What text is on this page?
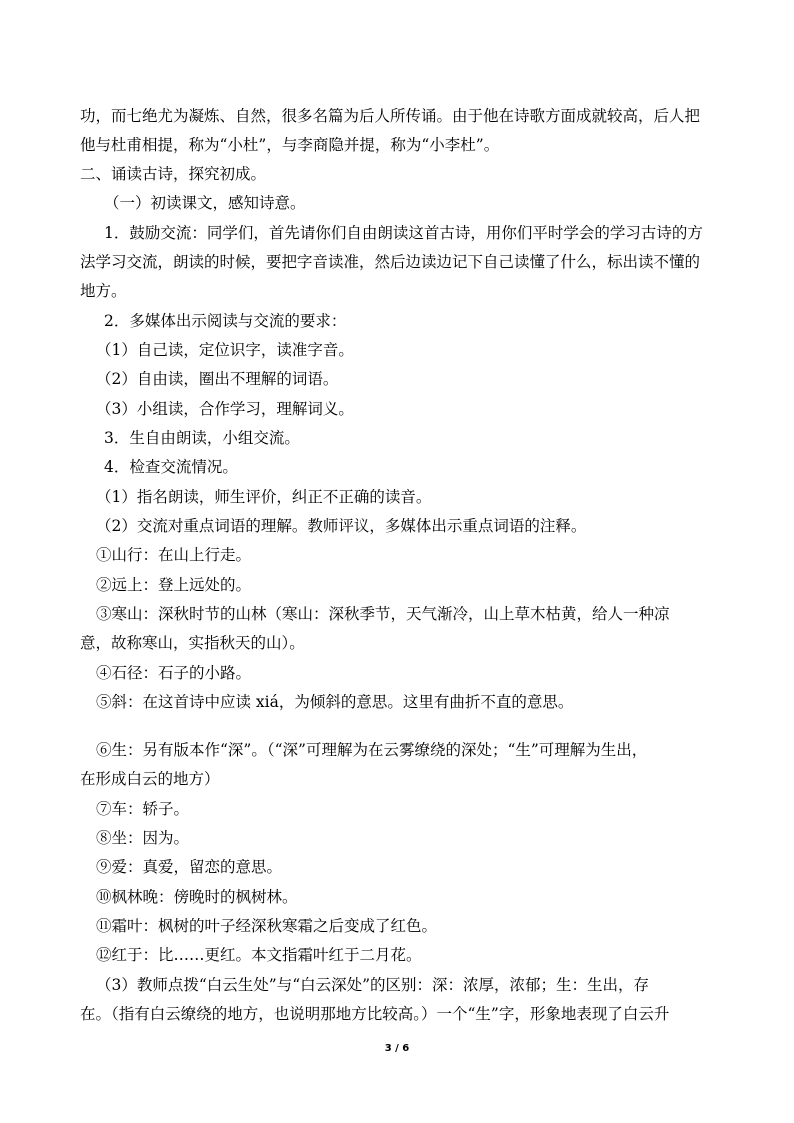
功，而七绝尤为凝炼、自然，很多名篇为后人所传诵。由于他在诗歌方面成就较高，后人把
他与杜甫相提，称为“小杜”，与李商隐并提，称为“小李杜”。
二、诵读古诗，探究初成。
（一）初读课文，感知诗意。
1．鼓励交流：同学们，首先请你们自由朗读这首古诗，用你们平时学会的学习古诗的方
法学习交流，朗读的时候，要把字音读准，然后边读边记下自己读懂了什么，标出读不懂的
地方。
2．多媒体出示阅读与交流的要求：
（1）自己读，定位识字，读准字音。
（2）自由读，圈出不理解的词语。
（3）小组读，合作学习，理解词义。
3．生自由朗读，小组交流。
4．检查交流情况。
（1）指名朗读，师生评价，纠正不正确的读音。
（2）交流对重点词语的理解。教师评议，多媒体出示重点词语的注释。
①山行：在山上行走。
②远上：登上远处的。
③寒山：深秋时节的山林（寒山：深秋季节，天气渐冷，山上草木枯黄，给人一种凉
意，故称寒山，实指秋天的山）。
④石径：石子的小路。
⑤斜：在这首诗中应读 xiá，为倾斜的意思。这里有曲折不直的意思。
⑥生：另有版本作“深”。（“深”可理解为在云雾缭绕的深处；“生”可理解为生出，
在形成白云的地方）
⑦车：轿子。
⑧坐：因为。
⑨爱：真爱，留恋的意思。
⑩枫林晚：傍晚时的枫树林。
⑪霜叶：枫树的叶子经深秋寒霜之后变成了红色。
⑫红于：比……更红。本文指霜叶红于二月花。
（3）教师点拨“白云生处”与“白云深处”的区别：深：浓厚，浓郁；生：生出，存
在。（指有白云缭绕的地方，也说明那地方比较高。）一个“生”字，形象地表现了白云升
3 / 6
